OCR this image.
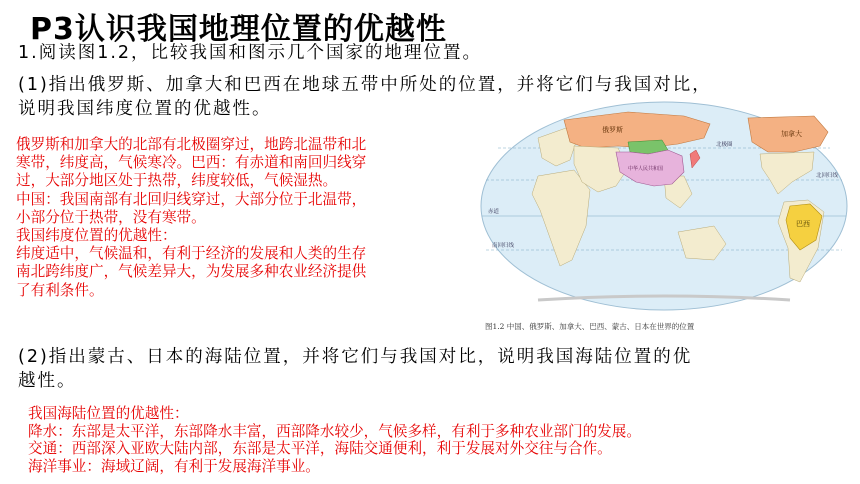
P3认识我国地理位置的优越性
1.阅读图1.2，比较我国和图示几个国家的地理位置。
(1)指出俄罗斯、加拿大和巴西在地球五带中所处的位置，并将它们与我国对比，
说明我国纬度位置的优越性。
俄罗斯和加拿大的北部有北极圈穿过，地跨北温带和北
寒带，纬度高，气候寒冷。巴西：有赤道和南回归线穿
过，大部分地区处于热带，纬度较低，气候湿热。
中国：我国南部有北回归线穿过，大部分位于北温带，
小部分位于热带，没有寒带。
我国纬度位置的优越性：
纬度适中，气候温和，有利于经济的发展和人类的生存
南北跨纬度广，气候差异大，为发展多种农业经济提供
了有利条件。
俄罗斯	加拿大
巴西
中华人民共和国
北极圈
北回归线
赤道
南回归线
图1.2 中国、俄罗斯、加拿大、巴西、蒙古、日本在世界的位置
(2)指出蒙古、日本的海陆位置，并将它们与我国对比，说明我国海陆位置的优
越性。
我国海陆位置的优越性：
降水：东部是太平洋，东部降水丰富，西部降水较少，气候多样，有利于多种农业部门的发展。
交通：西部深入亚欧大陆内部，东部是太平洋，海陆交通便利，利于发展对外交往与合作。
海洋事业：海域辽阔，有利于发展海洋事业。
